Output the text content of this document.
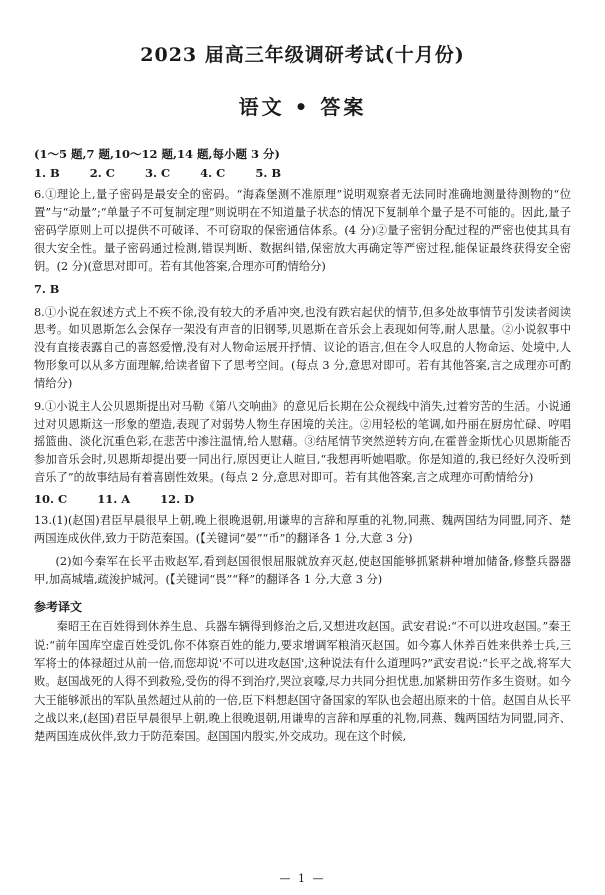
2023 届高三年级调研考试(十月份)
语文 • 答案
(1～5 题,7 题,10～12 题,14 题,每小题 3 分)
1. B	2. C	3. C	4. C	5. B
6.①理论上,量子密码是最安全的密码。“海森堡测不准原理”说明观察者无法同时准确地测量待测物的“位置”与“动量”;“单量子不可复制定理”则说明在不知道量子状态的情况下复制单个量子是不可能的。因此,量子密码学原则上可以提供不可破译、不可窃取的保密通信体系。(4 分)②量子密钥分配过程的严密也使其具有很大安全性。量子密码通过检测,错误判断、数据纠错,保密放大再确定等严密过程,能保证最终获得安全密钥。(2 分)(意思对即可。若有其他答案,合理亦可酌情给分)
7. B
8.①小说在叙述方式上不疾不徐,没有较大的矛盾冲突,也没有跌宕起伏的情节,但多处故事情节引发读者阅读思考。如贝恩斯怎么会保存一架没有声音的旧钢琴,贝恩斯在音乐会上表现如何等,耐人思量。②小说叙事中没有直接表露自己的喜怒爱憎,没有对人物命运展开抒情、议论的语言,但在令人叹息的人物命运、处境中,人物形象可以从多方面理解,给读者留下了思考空间。(每点 3 分,意思对即可。若有其他答案,言之成理亦可酌情给分)
9.①小说主人公贝恩斯提出对马勒《第八交响曲》的意见后长期在公众视线中消失,过着穷苦的生活。小说通过对贝恩斯这一形象的塑造,表现了对弱势人物生存困境的关注。②用轻松的笔调,如丹丽在厨房忙碌、哼唱摇篮曲、淡化沉重色彩,在悲苦中渗注温情,给人慰藉。③结尾情节突然逆转方向,在霍普金斯忧心贝恩斯能否参加音乐会时,贝恩斯却提出要一同出行,原因更让人暄目,“我想再听她唱歌。你是知道的,我已经好久没听到音乐了”的故事结局有着喜剧性效果。(每点 2 分,意思对即可。若有其他答案,言之成理亦可酌情给分)
10. C	11. A	12. D
13.(1)(赵国)君臣早晨很早上朝,晚上很晚退朝,用谦卑的言辞和厚重的礼物,同燕、魏两国结为同盟,同齐、楚两国连成伙伴,致力于防范秦国。(【关键词“晏”“币”的翻译各 1 分,大意 3 分)
(2)如今秦军在长平击败赵军,看到赵国很恨屈服就放弃灭赵,使赵国能够抓紧耕种增加储备,修整兵器器甲,加高城墙,疏浚护城河。(【关键词“畏”“释”的翻译各 1 分,大意 3 分)
参考译文
秦昭王在百姓得到休养生息、兵器车辆得到修治之后,又想进攻赵国。武安君说:“不可以进攻赵国。”秦王说:“前年国库空虚百姓受饥,你不体察百姓的能力,要求增调军粮消灭赵国。如今寡人休养百姓来供养士兵,三军将士的体禄超过从前一倍,而您却说'不可以进攻赵国',这种说法有什么道理吗?”武安君说:“长平之战,将军大败。赵国战死的人得不到救殓,受伤的得不到治疗,哭泣哀嚎,尽力共同分担忧患,加紧耕田劳作多生资财。如今大王能够派出的军队虽然超过从前的一倍,臣下料想赵国守备国家的军队也会超出原来的十倍。赵国自从长平之战以来,(赵国)君臣早晨很早上朝,晚上很晚退朝,用谦卑的言辞和厚重的礼物,同燕、魏两国结为同盟,同齐、楚两国连成伙伴,致力于防范秦国。赵国国内殷实,外交成功。现在这个时候,
— 1 —
